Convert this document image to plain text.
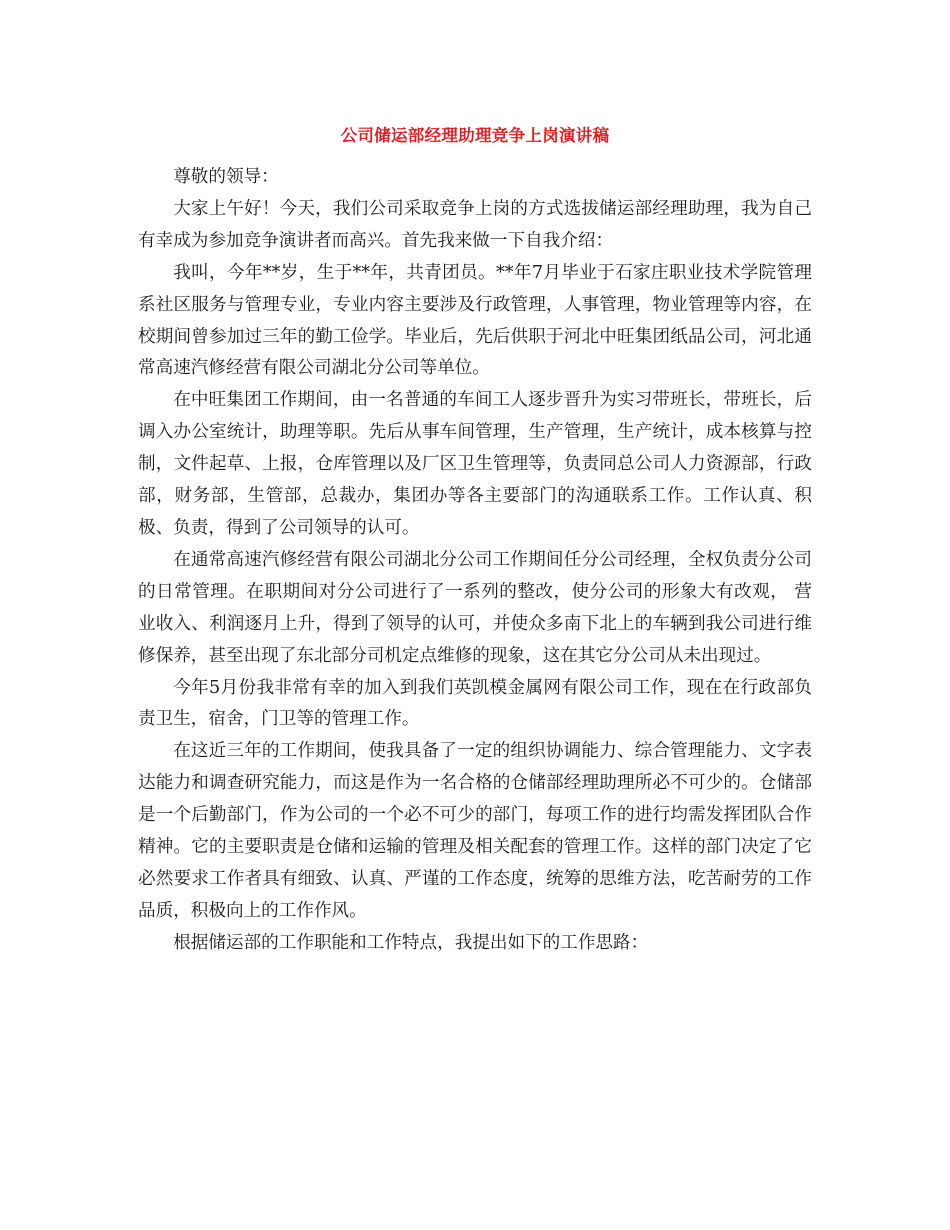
公司储运部经理助理竞争上岗演讲稿

尊敬的领导：

大家上午好！今天，我们公司采取竞争上岗的方式选拔储运部经理助理，我为自己有幸成为参加竞争演讲者而高兴。首先我来做一下自我介绍：

我叫，今年**岁，生于**年，共青团员。**年7月毕业于石家庄职业技术学院管理系社区服务与管理专业，专业内容主要涉及行政管理，人事管理，物业管理等内容，在校期间曾参加过三年的勤工俭学。毕业后，先后供职于河北中旺集团纸品公司，河北通常高速汽修经营有限公司湖北分公司等单位。

在中旺集团工作期间，由一名普通的车间工人逐步晋升为实习带班长，带班长，后调入办公室统计，助理等职。先后从事车间管理，生产管理，生产统计，成本核算与控制，文件起草、上报，仓库管理以及厂区卫生管理等，负责同总公司人力资源部，行政部，财务部，生管部，总裁办，集团办等各主要部门的沟通联系工作。工作认真、积极、负责，得到了公司领导的认可。

在通常高速汽修经营有限公司湖北分公司工作期间任分公司经理，全权负责分公司的日常管理。在职期间对分公司进行了一系列的整改，使分公司的形象大有改观， 营业收入、利润逐月上升，得到了领导的认可，并使众多南下北上的车辆到我公司进行维修保养，甚至出现了东北部分司机定点维修的现象，这在其它分公司从未出现过。

今年5月份我非常有幸的加入到我们英凯模金属网有限公司工作，现在在行政部负责卫生，宿舍，门卫等的管理工作。

在这近三年的工作期间，使我具备了一定的组织协调能力、综合管理能力、文字表达能力和调查研究能力，而这是作为一名合格的仓储部经理助理所必不可少的。仓储部是一个后勤部门，作为公司的一个必不可少的部门，每项工作的进行均需发挥团队合作精神。它的主要职责是仓储和运输的管理及相关配套的管理工作。这样的部门决定了它必然要求工作者具有细致、认真、严谨的工作态度，统筹的思维方法，吃苦耐劳的工作品质，积极向上的工作作风。

根据储运部的工作职能和工作特点，我提出如下的工作思路：
